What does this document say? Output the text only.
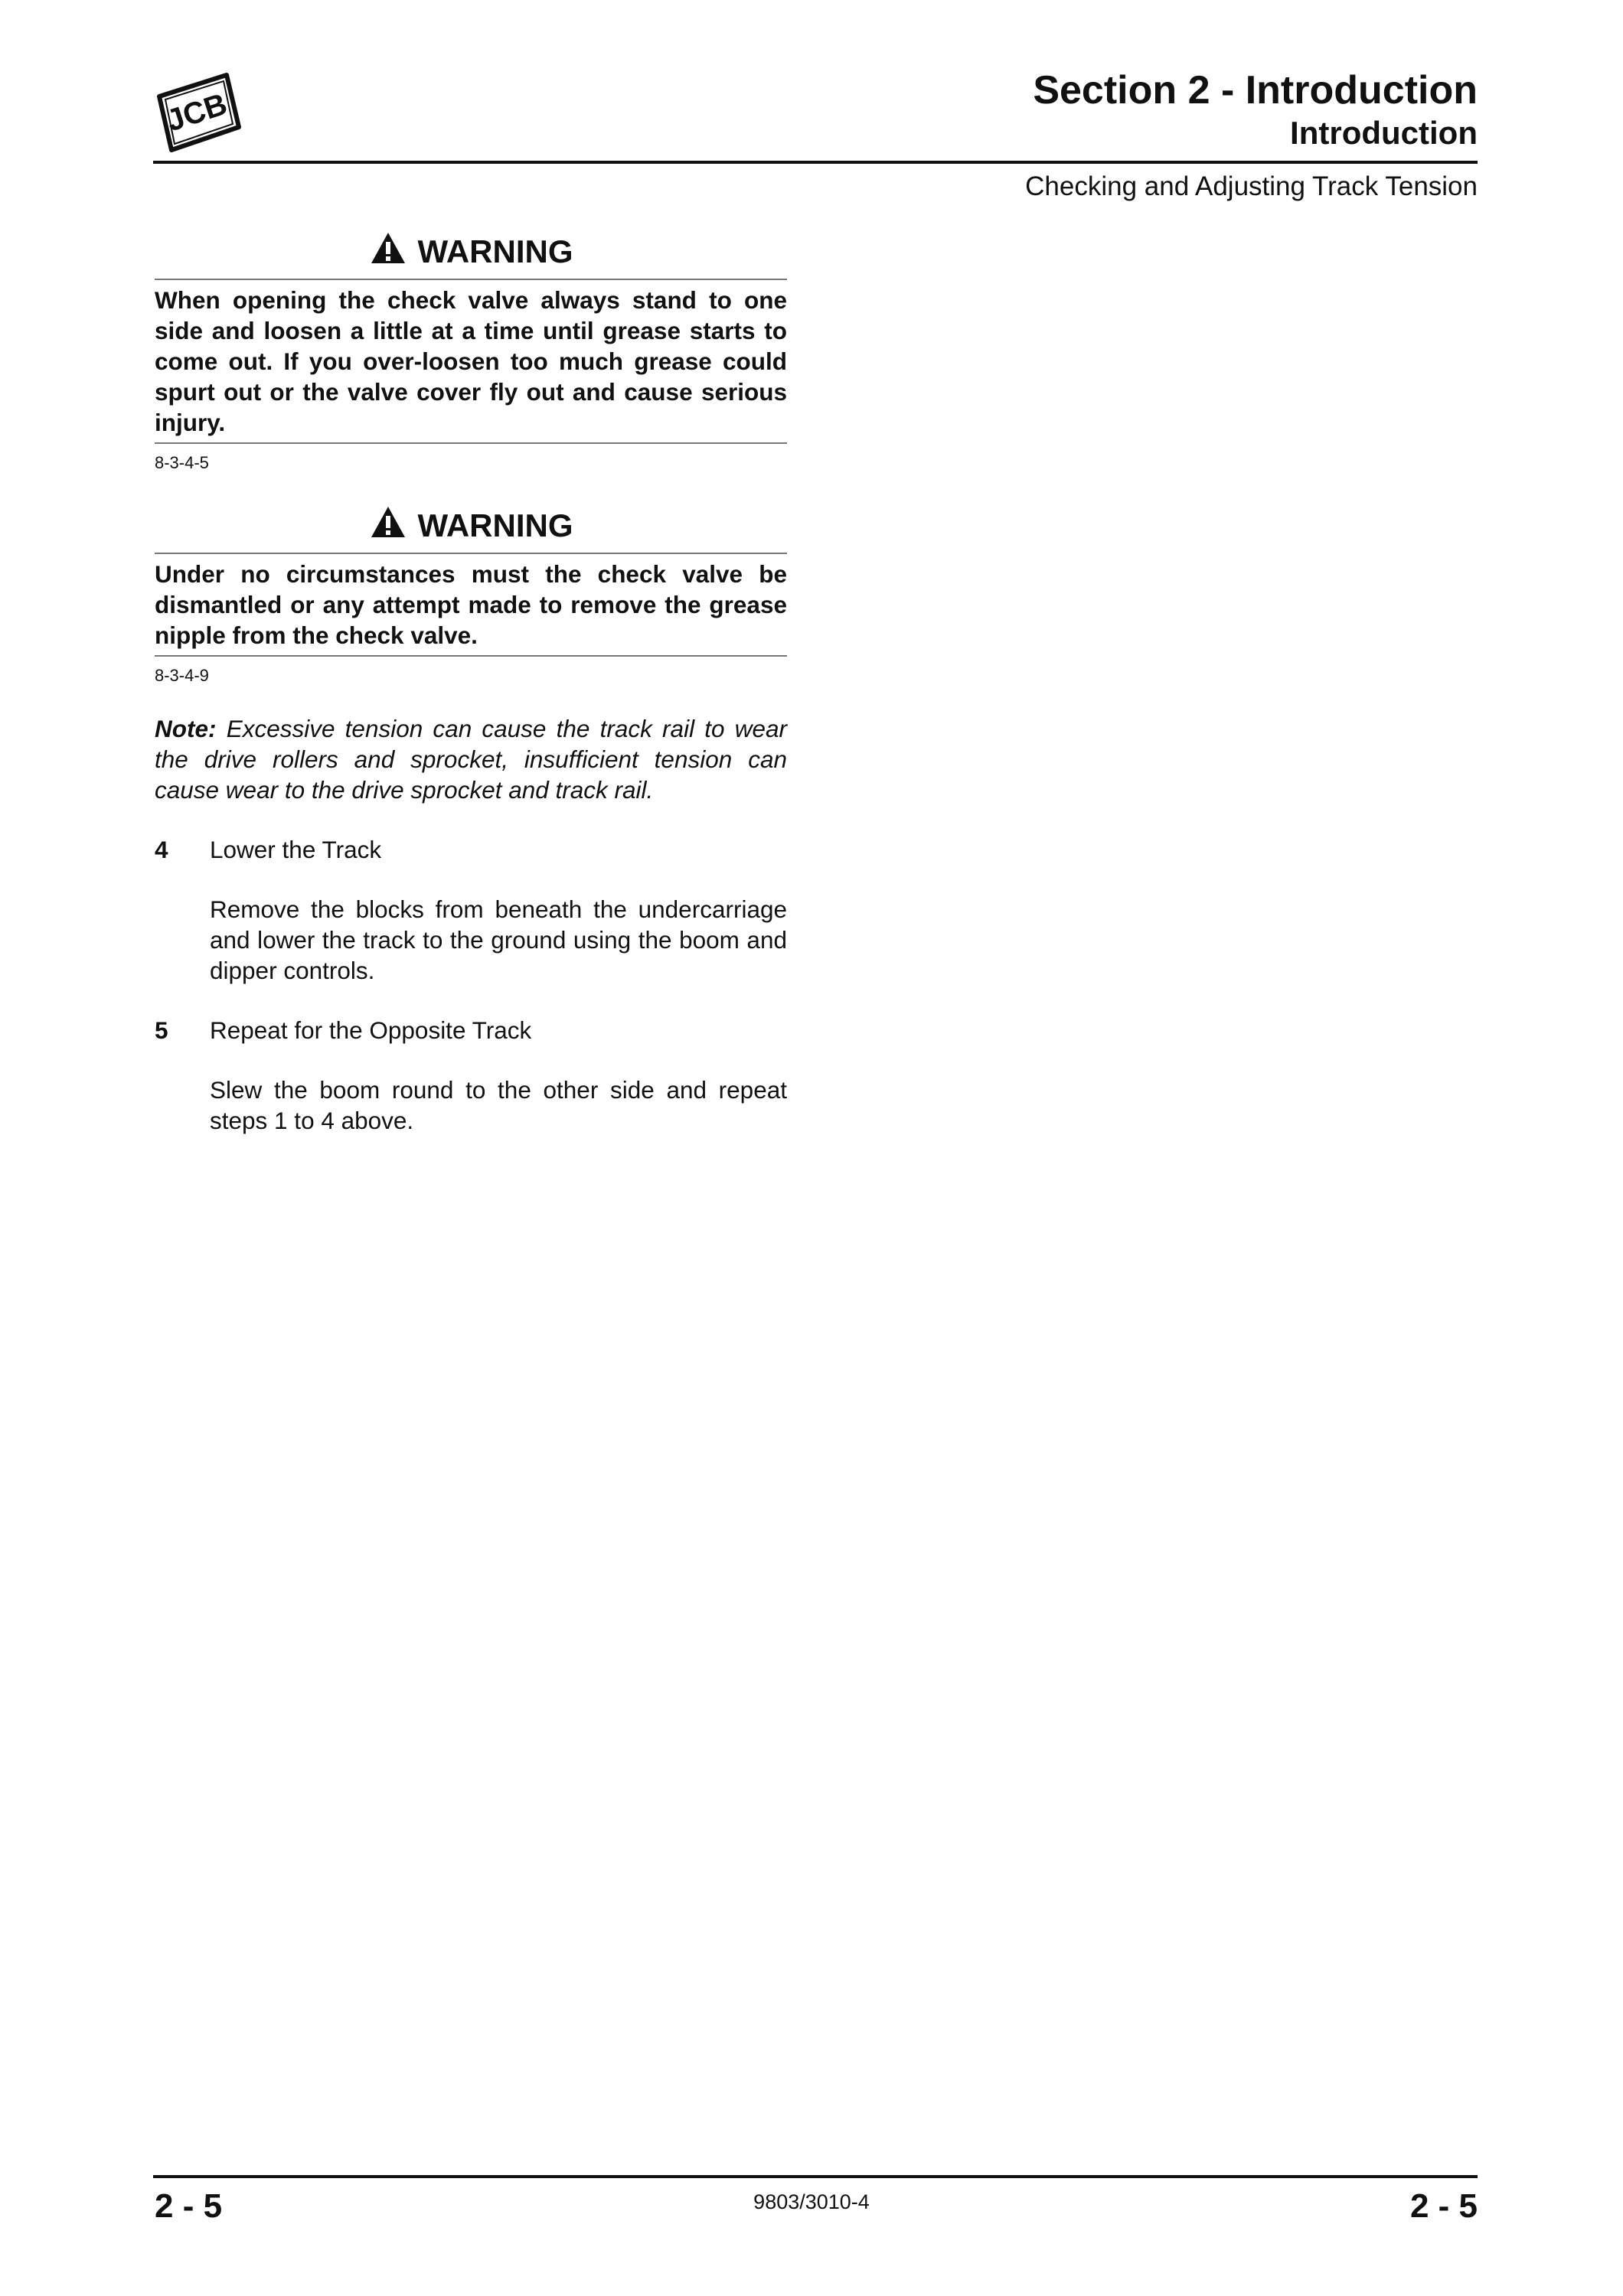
JCB	Section 2 - Introduction
Introduction
Checking and Adjusting Track Tension
WARNING
When opening the check valve always stand to one side and loosen a little at a time until grease starts to come out. If you over-loosen too much grease could spurt out or the valve cover fly out and cause serious injury.
8-3-4-5
WARNING
Under no circumstances must the check valve be dismantled or any attempt made to remove the grease nipple from the check valve.
8-3-4-9
Note: Excessive tension can cause the track rail to wear the drive rollers and sprocket, insufficient tension can cause wear to the drive sprocket and track rail.
4 Lower the Track
Remove the blocks from beneath the undercarriage and lower the track to the ground using the boom and dipper controls.
5 Repeat for the Opposite Track
Slew the boom round to the other side and repeat steps 1 to 4 above.
2 - 5	9803/3010-4	2 - 5
